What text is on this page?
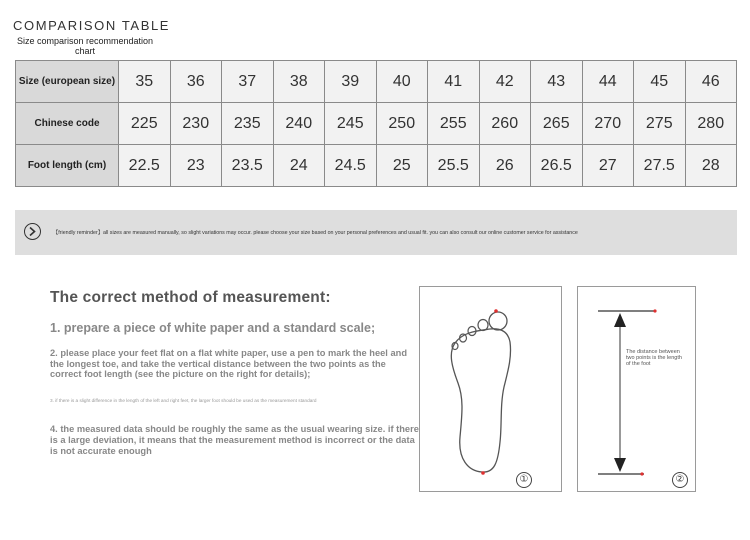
COMPARISON TABLE
Size comparison recommendation chart
Size (european size)	35	36	37	38	39	40	41	42	43	44	45	46
Chinese code	225	230	235	240	245	250	255	260	265	270	275	280
Foot length (cm)	22.5	23	23.5	24	24.5	25	25.5	26	26.5	27	27.5	28
【friendly reminder】all sizes are measured manually, so slight variations may occur. please choose your size based on your personal preferences and usual fit. you can also consult our online customer service for assistance
The correct method of measurement:
1. prepare a piece of white paper and a standard scale;
2. please place your feet flat on a flat white paper, use a pen to mark the heel and the longest toe, and take the vertical distance between the two points as the correct foot length (see the picture on the right for details);
3. if there is a slight difference in the length of the left and right feet, the larger foot should be used as the measurement standard
4. the measured data should be roughly the same as the usual wearing size. if there is a large deviation, it means that the measurement method is incorrect or the data is not accurate enough
①
The distance between two points is the length of the foot
②
